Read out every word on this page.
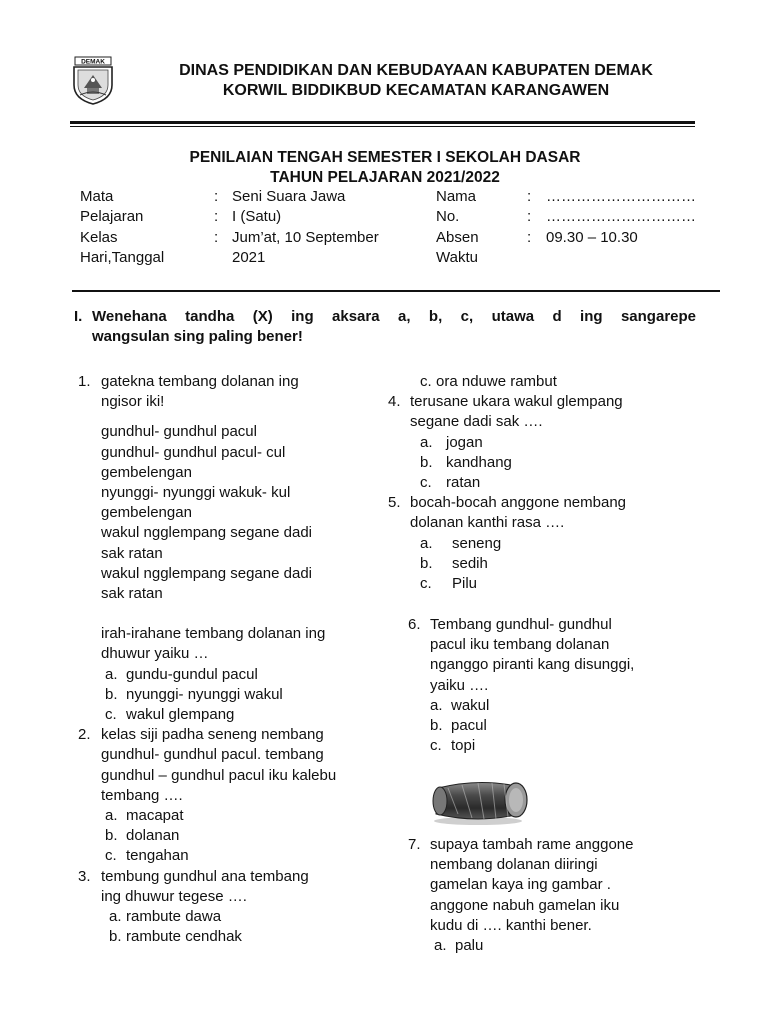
DEMAK	DINAS PENDIDIKAN DAN KEBUDAYAAN KABUPATEN DEMAK
KORWIL BIDDIKBUD KECAMATAN KARANGAWEN
PENILAIAN TENGAH SEMESTER I SEKOLAH DASAR
TAHUN PELAJARAN 2021/2022
Mata
Pelajaran
Kelas
Hari,Tanggal
:
:
:
Seni Suara Jawa
I (Satu)
Jum’at, 10 September
2021
Nama
No.
Absen
Waktu
:
:
:
…………………………
…………………………
09.30 – 10.30
I. Wenehana tandha (X) ing aksara a, b, c, utawa d ing sangarepe
wangsulan sing paling bener!
1. gatekna tembang dolanan ing
ngisor iki!
gundhul- gundhul pacul
gundhul- gundhul pacul- cul
gembelengan
nyunggi- nyunggi wakuk- kul
gembelengan
wakul ngglempang segane dadi
sak ratan
wakul ngglempang segane dadi
sak ratan
irah-irahane tembang dolanan ing
dhuwur yaiku …
a. gundu-gundul pacul
b. nyunggi- nyunggi wakul
c. wakul glempang
2. kelas siji padha seneng nembang
gundhul- gundhul pacul. tembang
gundhul – gundhul pacul iku kalebu
tembang ….
a. macapat
b. dolanan
c. tengahan
3. tembung gundhul ana tembang
ing dhuwur tegese ….
a. rambute dawa
b. rambute cendhak
c. ora nduwe rambut
4. terusane ukara wakul glempang
segane dadi sak ….
a. jogan
b. kandhang
c. ratan
5. bocah-bocah anggone nembang
dolanan kanthi rasa ….
a. seneng
b. sedih
c. Pilu
6. Tembang gundhul- gundhul
pacul iku tembang dolanan
nganggo piranti kang disunggi,
yaiku ….
a. wakul
b. pacul
c. topi
7. supaya tambah rame anggone
nembang dolanan diiringi
gamelan kaya ing gambar .
anggone nabuh gamelan iku
kudu di …. kanthi bener.
a. palu
